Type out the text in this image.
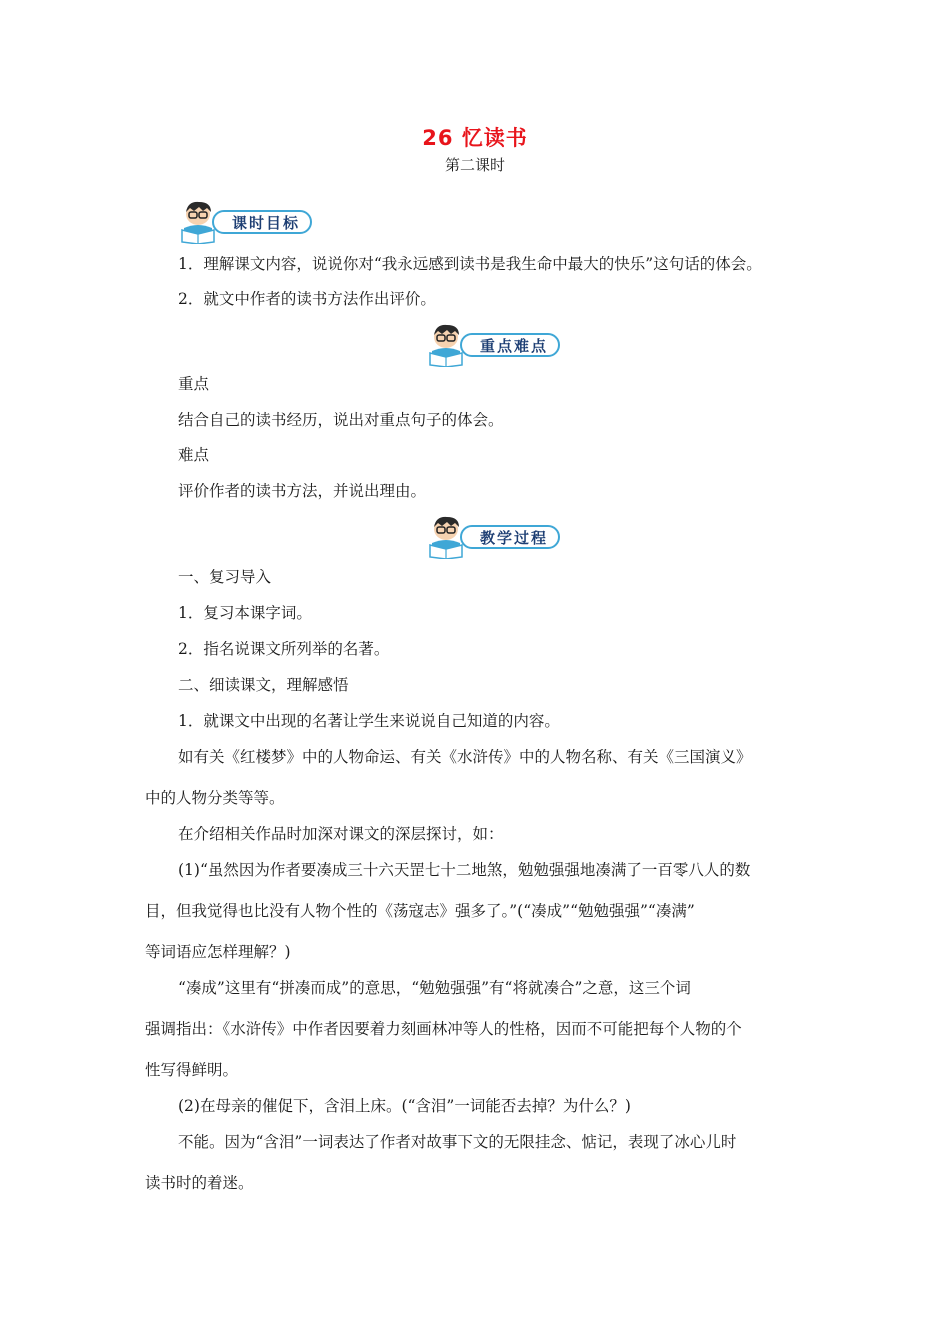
26 忆读书
第二课时
课时目标
1．理解课文内容，说说你对“我永远感到读书是我生命中最大的快乐”这句话的体会。
2．就文中作者的读书方法作出评价。
重点难点
重点
结合自己的读书经历，说出对重点句子的体会。
难点
评价作者的读书方法，并说出理由。
教学过程
一、复习导入
1．复习本课字词。
2．指名说课文所列举的名著。
二、细读课文，理解感悟
1．就课文中出现的名著让学生来说说自己知道的内容。
如有关《红楼梦》中的人物命运、有关《水浒传》中的人物名称、有关《三国演义》
中的人物分类等等。
在介绍相关作品时加深对课文的深层探讨，如：
(1)“虽然因为作者要凑成三十六天罡七十二地煞，勉勉强强地凑满了一百零八人的数
目，但我觉得也比没有人物个性的《荡寇志》强多了。”(“凑成”“勉勉强强”“凑满”
等词语应怎样理解？)
“凑成”这里有“拼凑而成”的意思，“勉勉强强”有“将就凑合”之意，这三个词
强调指出：《水浒传》中作者因要着力刻画林冲等人的性格，因而不可能把每个人物的个
性写得鲜明。
(2)在母亲的催促下，含泪上床。(“含泪”一词能否去掉？为什么？)
不能。因为“含泪”一词表达了作者对故事下文的无限挂念、惦记，表现了冰心儿时
读书时的着迷。
